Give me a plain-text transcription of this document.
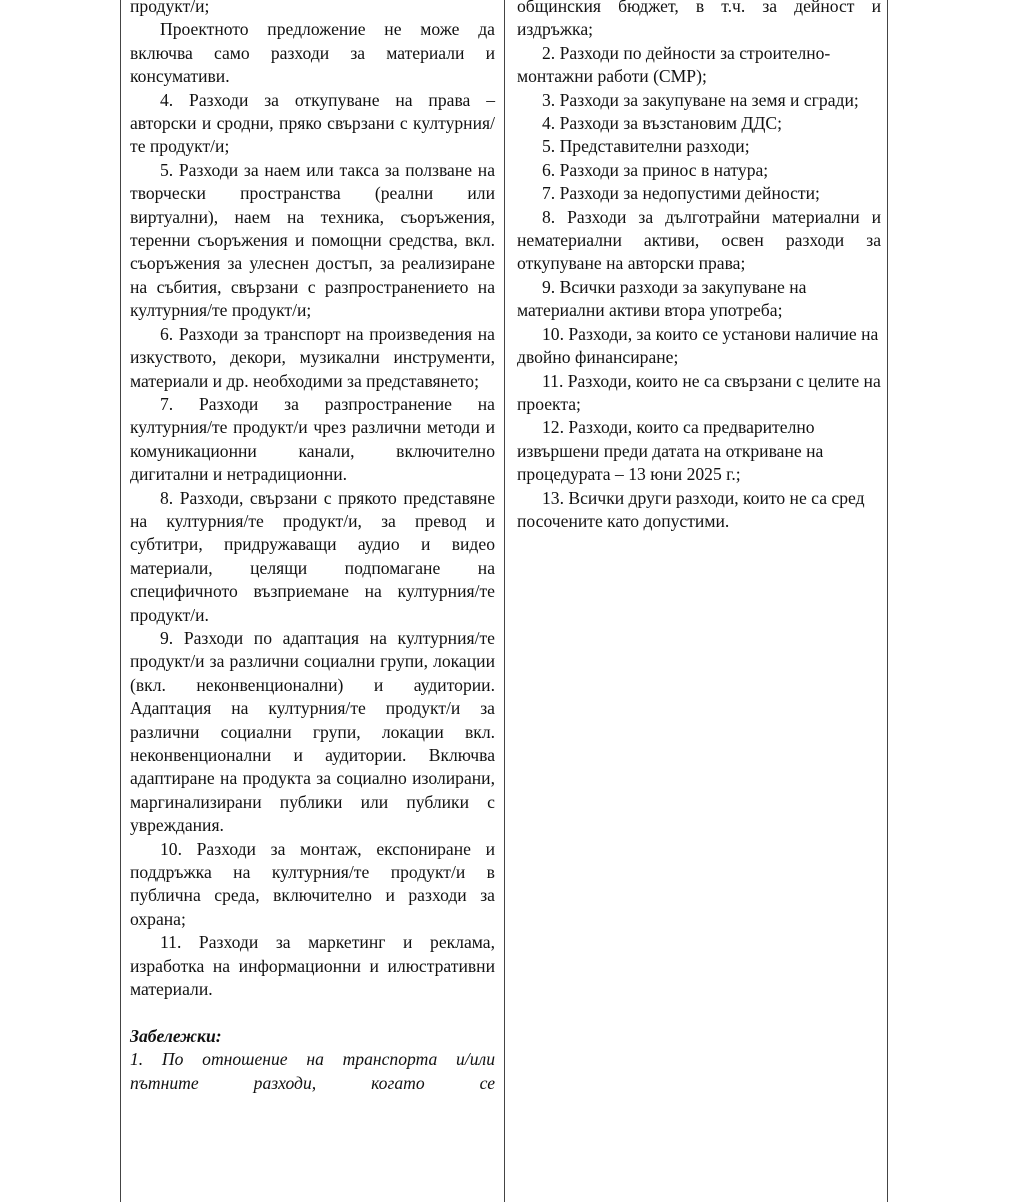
продукт/и;

Проектното предложение не може да включва само разходи за материали и консумативи.

4. Разходи за откупуване на права – авторски и сродни, пряко свързани с културния/те продукт/и;

5. Разходи за наем или такса за ползване на творчески пространства (реални или виртуални), наем на техника, съоръжения, теренни съоръжения и помощни средства, вкл. съоръжения за улеснен достъп, за реализиране на събития, свързани с разпространението на културния/те продукт/и;

6. Разходи за транспорт на произведения на изкуството, декори, музикални инструменти, материали и др. необходими за представянето;

7. Разходи за разпространение на културния/те продукт/и чрез различни методи и комуникационни канали, включително дигитални и нетрадиционни.

8. Разходи, свързани с прякото представяне на културния/те продукт/и, за превод и субтитри, придружаващи аудио и видео материали, целящи подпомагане на специфичното възприемане на културния/те продукт/и.

9. Разходи по адаптация на културния/те продукт/и за различни социални групи, локации (вкл. неконвенционални) и аудитории. Адаптация на културния/те продукт/и за различни социални групи, локации вкл. неконвенционални и аудитории. Включва адаптиране на продукта за социално изолирани, маргинализирани публики или публики с увреждания.

10. Разходи за монтаж, експониране и поддръжка на културния/те продукт/и в публична среда, включително и разходи за охрана;

11. Разходи за маркетинг и реклама, изработка на информационни и илюстративни материали.

Забележки:

1. По отношение на транспорта и/или пътните разходи, когато се

общинския бюджет, в т.ч. за дейност и издръжка;

2. Разходи по дейности за строително-монтажни работи (СМР);

3. Разходи за закупуване на земя и сгради;

4. Разходи за възстановим ДДС;

5. Представителни разходи;

6. Разходи за принос в натура;

7. Разходи за недопустими дейности;

8. Разходи за дълготрайни материални и нематериални активи, освен разходи за откупуване на авторски права;

9. Всички разходи за закупуване на материални активи втора употреба;

10. Разходи, за които се установи наличие на двойно финансиране;

11. Разходи, които не са свързани с целите на проекта;

12. Разходи, които са предварително извършени преди датата на откриване на процедурата – 13 юни 2025 г.;

13. Всички други разходи, които не са сред посочените като допустими.
